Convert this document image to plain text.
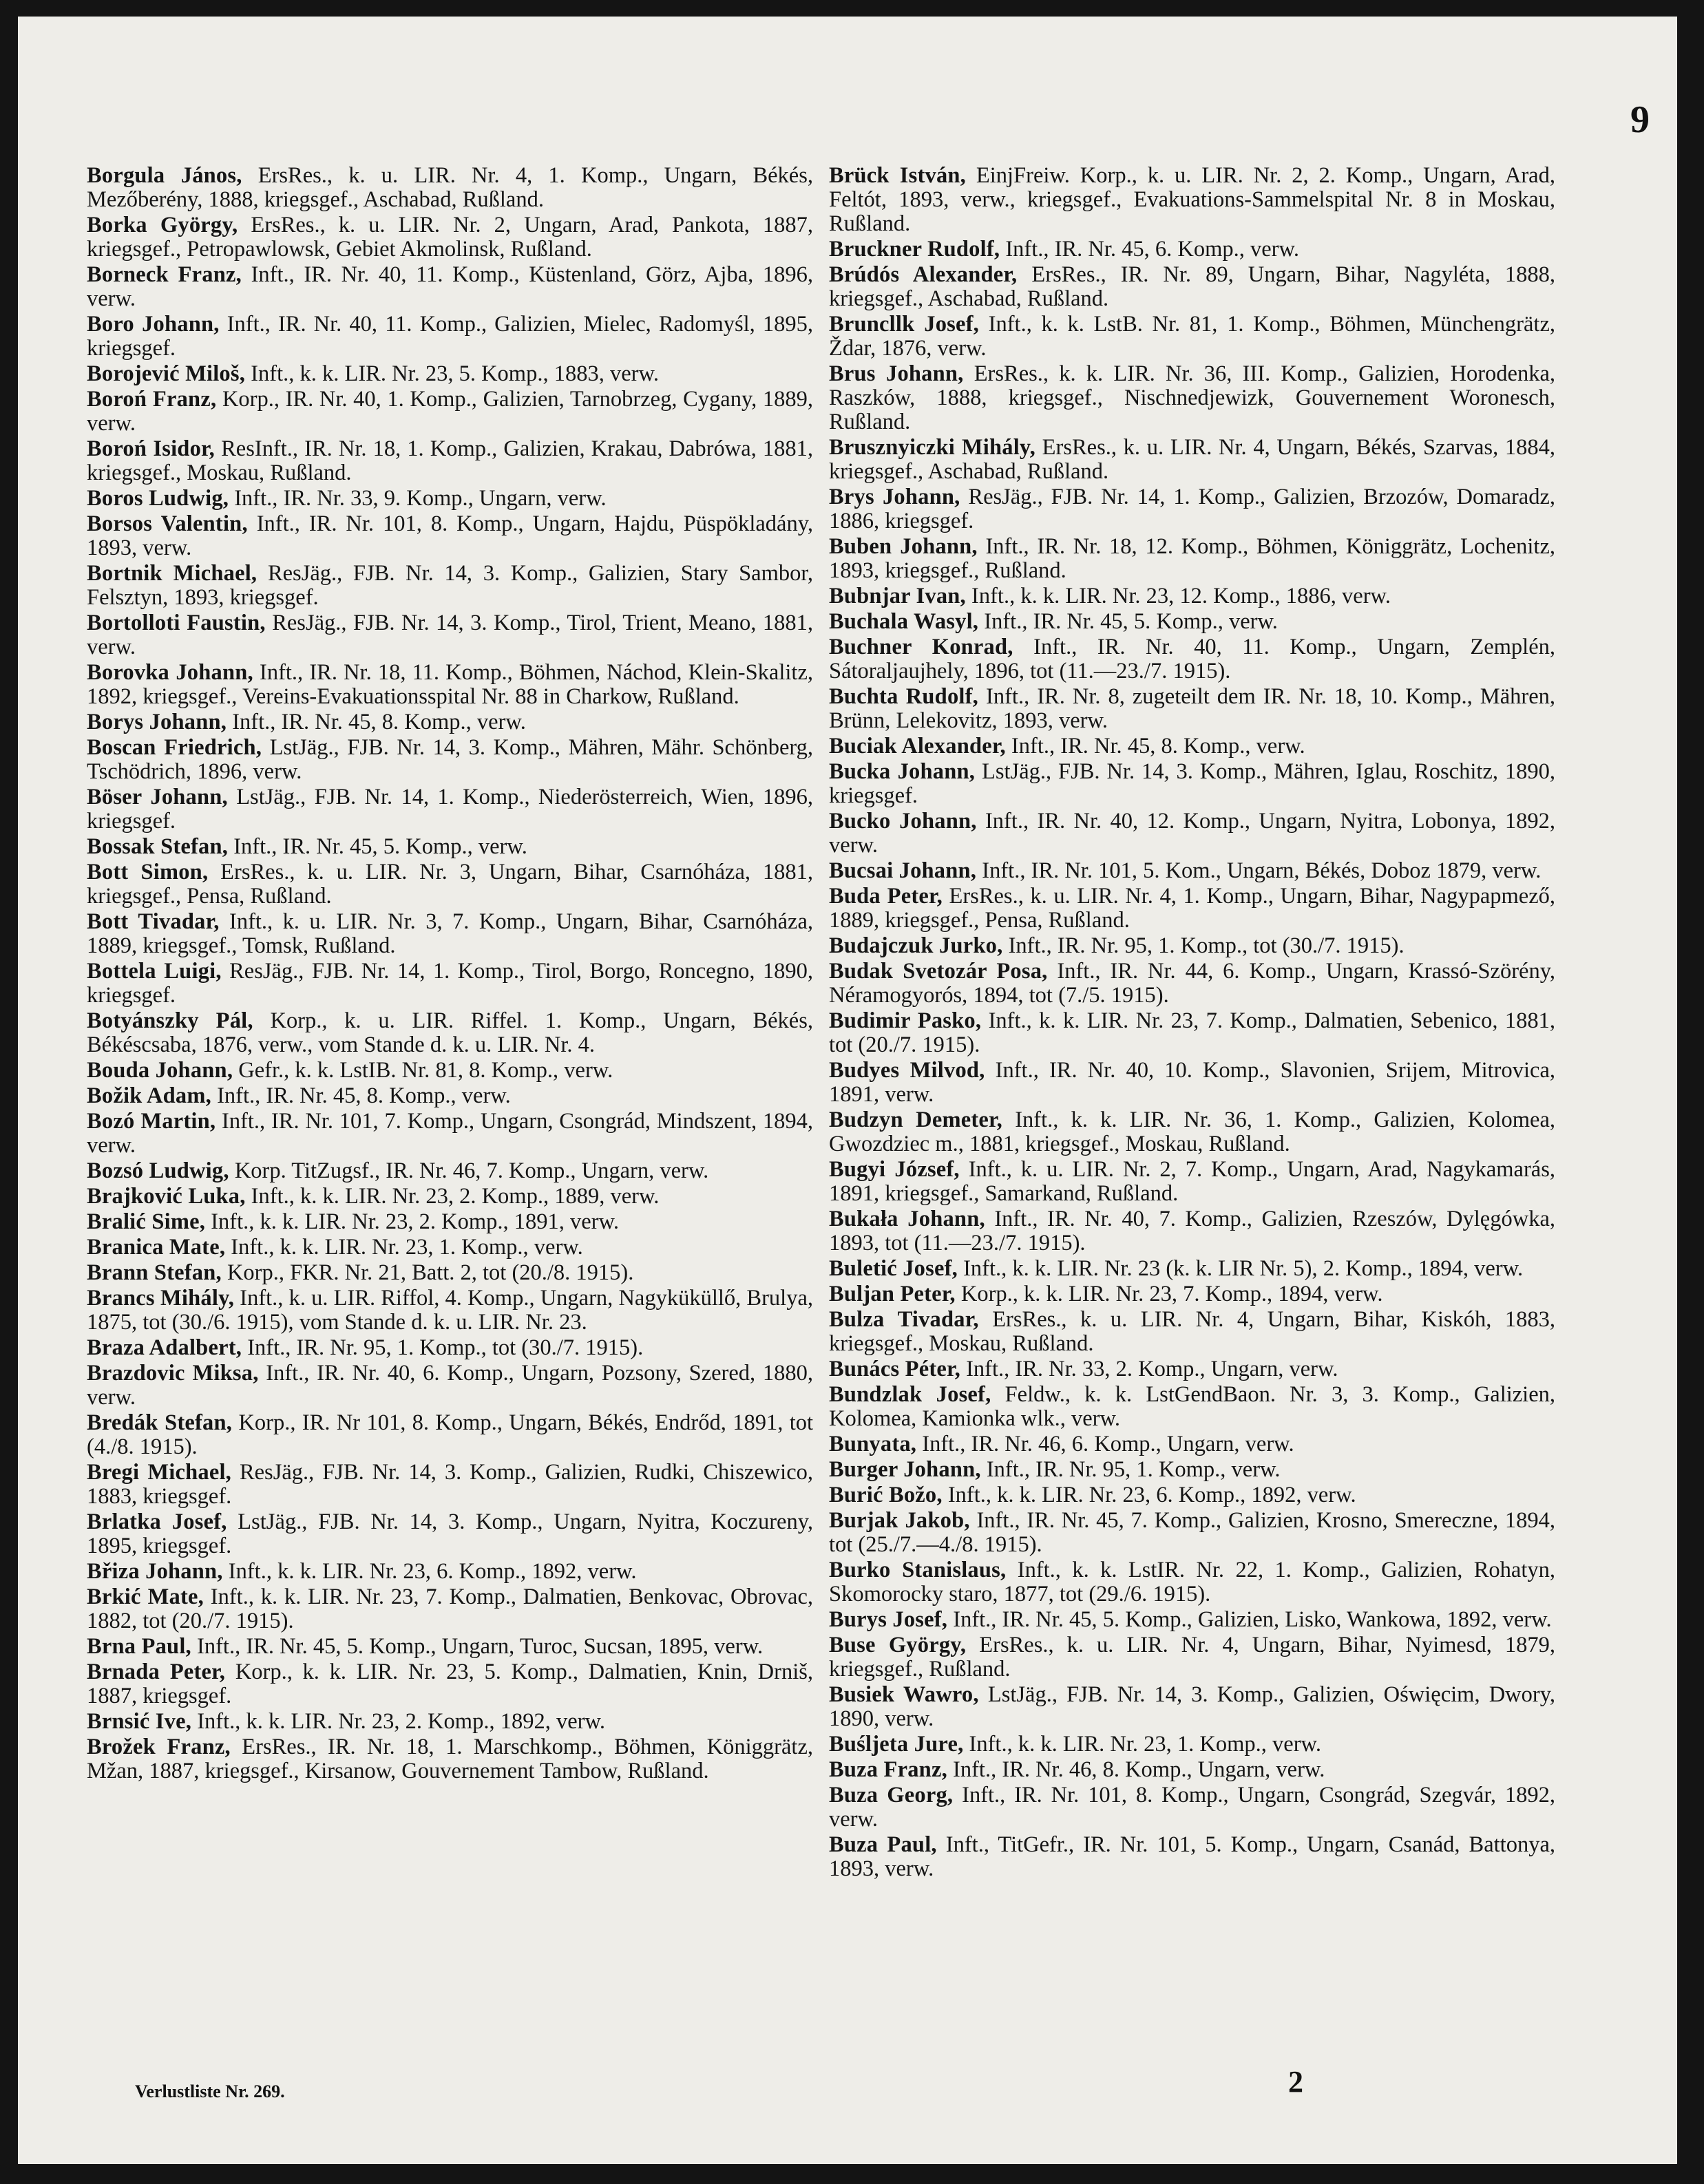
9
Borgula János, ErsRes., k. u. LIR. Nr. 4, 1. Komp., Ungarn, Békés, Mezőberény, 1888, kriegsgef., Aschabad, Rußland.
Borka György, ErsRes., k. u. LIR. Nr. 2, Ungarn, Arad, Pankota, 1887, kriegsgef., Petropawlowsk, Gebiet Akmolinsk, Rußland.
Borneck Franz, Inft., IR. Nr. 40, 11. Komp., Küstenland, Görz, Ajba, 1896, verw.
Boro Johann, Inft., IR. Nr. 40, 11. Komp., Galizien, Mielec, Radomyśl, 1895, kriegsgef.
Borojević Miloš, Inft., k. k. LIR. Nr. 23, 5. Komp., 1883, verw.
Boroń Franz, Korp., IR. Nr. 40, 1. Komp., Galizien, Tarnobrzeg, Cygany, 1889, verw.
Boroń Isidor, ResInft., IR. Nr. 18, 1. Komp., Galizien, Krakau, Dabrówa, 1881, kriegsgef., Moskau, Rußland.
Boros Ludwig, Inft., IR. Nr. 33, 9. Komp., Ungarn, verw.
Borsos Valentin, Inft., IR. Nr. 101, 8. Komp., Ungarn, Hajdu, Püspökladány, 1893, verw.
Bortnik Michael, ResJäg., FJB. Nr. 14, 3. Komp., Galizien, Stary Sambor, Felsztyn, 1893, kriegsgef.
Bortolloti Faustin, ResJäg., FJB. Nr. 14, 3. Komp., Tirol, Trient, Meano, 1881, verw.
Borovka Johann, Inft., IR. Nr. 18, 11. Komp., Böhmen, Náchod, Klein-Skalitz, 1892, kriegsgef., Vereins-Evakuationsspital Nr. 88 in Charkow, Rußland.
Borys Johann, Inft., IR. Nr. 45, 8. Komp., verw.
Boscan Friedrich, LstJäg., FJB. Nr. 14, 3. Komp., Mähren, Mähr. Schönberg, Tschödrich, 1896, verw.
Böser Johann, LstJäg., FJB. Nr. 14, 1. Komp., Niederösterreich, Wien, 1896, kriegsgef.
Bossak Stefan, Inft., IR. Nr. 45, 5. Komp., verw.
Bott Simon, ErsRes., k. u. LIR. Nr. 3, Ungarn, Bihar, Csarnóháza, 1881, kriegsgef., Pensa, Rußland.
Bott Tivadar, Inft., k. u. LIR. Nr. 3, 7. Komp., Ungarn, Bihar, Csarnóháza, 1889, kriegsgef., Tomsk, Rußland.
Bottela Luigi, ResJäg., FJB. Nr. 14, 1. Komp., Tirol, Borgo, Roncegno, 1890, kriegsgef.
Botyánszky Pál, Korp., k. u. LIR. Riffel. 1. Komp., Ungarn, Békés, Békéscsaba, 1876, verw., vom Stande d. k. u. LIR. Nr. 4.
Bouda Johann, Gefr., k. k. LstIB. Nr. 81, 8. Komp., verw.
Božik Adam, Inft., IR. Nr. 45, 8. Komp., verw.
Bozó Martin, Inft., IR. Nr. 101, 7. Komp., Ungarn, Csongrád, Mindszent, 1894, verw.
Bozsó Ludwig, Korp. TitZugsf., IR. Nr. 46, 7. Komp., Ungarn, verw.
Brajković Luka, Inft., k. k. LIR. Nr. 23, 2. Komp., 1889, verw.
Bralić Sime, Inft., k. k. LIR. Nr. 23, 2. Komp., 1891, verw.
Branica Mate, Inft., k. k. LIR. Nr. 23, 1. Komp., verw.
Brann Stefan, Korp., FKR. Nr. 21, Batt. 2, tot (20./8. 1915).
Brancs Mihály, Inft., k. u. LIR. Riffol, 4. Komp., Ungarn, Nagyküküllő, Brulya, 1875, tot (30./6. 1915), vom Stande d. k. u. LIR. Nr. 23.
Braza Adalbert, Inft., IR. Nr. 95, 1. Komp., tot (30./7. 1915).
Brazdovic Miksa, Inft., IR. Nr. 40, 6. Komp., Ungarn, Pozsony, Szered, 1880, verw.
Bredák Stefan, Korp., IR. Nr 101, 8. Komp., Ungarn, Békés, Endrőd, 1891, tot (4./8. 1915).
Bregi Michael, ResJäg., FJB. Nr. 14, 3. Komp., Galizien, Rudki, Chiszewico, 1883, kriegsgef.
Brlatka Josef, LstJäg., FJB. Nr. 14, 3. Komp., Ungarn, Nyitra, Koczureny, 1895, kriegsgef.
Břiza Johann, Inft., k. k. LIR. Nr. 23, 6. Komp., 1892, verw.
Brkić Mate, Inft., k. k. LIR. Nr. 23, 7. Komp., Dalmatien, Benkovac, Obrovac, 1882, tot (20./7. 1915).
Brna Paul, Inft., IR. Nr. 45, 5. Komp., Ungarn, Turoc, Sucsan, 1895, verw.
Brnada Peter, Korp., k. k. LIR. Nr. 23, 5. Komp., Dalmatien, Knin, Drniš, 1887, kriegsgef.
Brnsić Ive, Inft., k. k. LIR. Nr. 23, 2. Komp., 1892, verw.
Brožek Franz, ErsRes., IR. Nr. 18, 1. Marschkomp., Böhmen, Königgrätz, Mžan, 1887, kriegsgef., Kirsanow, Gouvernement Tambow, Rußland.
Brück István, EinjFreiw. Korp., k. u. LIR. Nr. 2, 2. Komp., Ungarn, Arad, Feltót, 1893, verw., kriegsgef., Evakuations-Sammelspital Nr. 8 in Moskau, Rußland.
Bruckner Rudolf, Inft., IR. Nr. 45, 6. Komp., verw.
Brúdós Alexander, ErsRes., IR. Nr. 89, Ungarn, Bihar, Nagyléta, 1888, kriegsgef., Aschabad, Rußland.
Bruncllk Josef, Inft., k. k. LstB. Nr. 81, 1. Komp., Böhmen, Münchengrätz, Ždar, 1876, verw.
Brus Johann, ErsRes., k. k. LIR. Nr. 36, III. Komp., Galizien, Horodenka, Raszków, 1888, kriegsgef., Nischnedjewizk, Gouvernement Woronesch, Rußland.
Brusznyiczki Mihály, ErsRes., k. u. LIR. Nr. 4, Ungarn, Békés, Szarvas, 1884, kriegsgef., Aschabad, Rußland.
Brys Johann, ResJäg., FJB. Nr. 14, 1. Komp., Galizien, Brzozów, Domaradz, 1886, kriegsgef.
Buben Johann, Inft., IR. Nr. 18, 12. Komp., Böhmen, Königgrätz, Lochenitz, 1893, kriegsgef., Rußland.
Bubnjar Ivan, Inft., k. k. LIR. Nr. 23, 12. Komp., 1886, verw.
Buchala Wasyl, Inft., IR. Nr. 45, 5. Komp., verw.
Buchner Konrad, Inft., IR. Nr. 40, 11. Komp., Ungarn, Zemplén, Sátoraljaujhely, 1896, tot (11.—23./7. 1915).
Buchta Rudolf, Inft., IR. Nr. 8, zugeteilt dem IR. Nr. 18, 10. Komp., Mähren, Brünn, Lelekovitz, 1893, verw.
Buciak Alexander, Inft., IR. Nr. 45, 8. Komp., verw.
Bucka Johann, LstJäg., FJB. Nr. 14, 3. Komp., Mähren, Iglau, Roschitz, 1890, kriegsgef.
Bucko Johann, Inft., IR. Nr. 40, 12. Komp., Ungarn, Nyitra, Lobonya, 1892, verw.
Bucsai Johann, Inft., IR. Nr. 101, 5. Kom., Ungarn, Békés, Doboz 1879, verw.
Buda Peter, ErsRes., k. u. LIR. Nr. 4, 1. Komp., Ungarn, Bihar, Nagypapmező, 1889, kriegsgef., Pensa, Rußland.
Budajczuk Jurko, Inft., IR. Nr. 95, 1. Komp., tot (30./7. 1915).
Budak Svetozár Posa, Inft., IR. Nr. 44, 6. Komp., Ungarn, Krassó-Szörény, Néramogyorós, 1894, tot (7./5. 1915).
Budimir Pasko, Inft., k. k. LIR. Nr. 23, 7. Komp., Dalmatien, Sebenico, 1881, tot (20./7. 1915).
Budyes Milvod, Inft., IR. Nr. 40, 10. Komp., Slavonien, Srijem, Mitrovica, 1891, verw.
Budzyn Demeter, Inft., k. k. LIR. Nr. 36, 1. Komp., Galizien, Kolomea, Gwozdziec m., 1881, kriegsgef., Moskau, Rußland.
Bugyi József, Inft., k. u. LIR. Nr. 2, 7. Komp., Ungarn, Arad, Nagykamarás, 1891, kriegsgef., Samarkand, Rußland.
Bukała Johann, Inft., IR. Nr. 40, 7. Komp., Galizien, Rzeszów, Dylęgówka, 1893, tot (11.—23./7. 1915).
Buletić Josef, Inft., k. k. LIR. Nr. 23 (k. k. LIR Nr. 5), 2. Komp., 1894, verw.
Buljan Peter, Korp., k. k. LIR. Nr. 23, 7. Komp., 1894, verw.
Bulza Tivadar, ErsRes., k. u. LIR. Nr. 4, Ungarn, Bihar, Kiskóh, 1883, kriegsgef., Moskau, Rußland.
Bunács Péter, Inft., IR. Nr. 33, 2. Komp., Ungarn, verw.
Bundzlak Josef, Feldw., k. k. LstGendBaon. Nr. 3, 3. Komp., Galizien, Kolomea, Kamionka wlk., verw.
Bunyata, Inft., IR. Nr. 46, 6. Komp., Ungarn, verw.
Burger Johann, Inft., IR. Nr. 95, 1. Komp., verw.
Burić Božo, Inft., k. k. LIR. Nr. 23, 6. Komp., 1892, verw.
Burjak Jakob, Inft., IR. Nr. 45, 7. Komp., Galizien, Krosno, Smereczne, 1894, tot (25./7.—4./8. 1915).
Burko Stanislaus, Inft., k. k. LstIR. Nr. 22, 1. Komp., Galizien, Rohatyn, Skomorocky staro, 1877, tot (29./6. 1915).
Burys Josef, Inft., IR. Nr. 45, 5. Komp., Galizien, Lisko, Wankowa, 1892, verw.
Buse György, ErsRes., k. u. LIR. Nr. 4, Ungarn, Bihar, Nyimesd, 1879, kriegsgef., Rußland.
Busiek Wawro, LstJäg., FJB. Nr. 14, 3. Komp., Galizien, Oświęcim, Dwory, 1890, verw.
Buśljeta Jure, Inft., k. k. LIR. Nr. 23, 1. Komp., verw.
Buza Franz, Inft., IR. Nr. 46, 8. Komp., Ungarn, verw.
Buza Georg, Inft., IR. Nr. 101, 8. Komp., Ungarn, Csongrád, Szegvár, 1892, verw.
Buza Paul, Inft., TitGefr., IR. Nr. 101, 5. Komp., Ungarn, Csanád, Battonya, 1893, verw.
Verlustliste Nr. 269.	2
